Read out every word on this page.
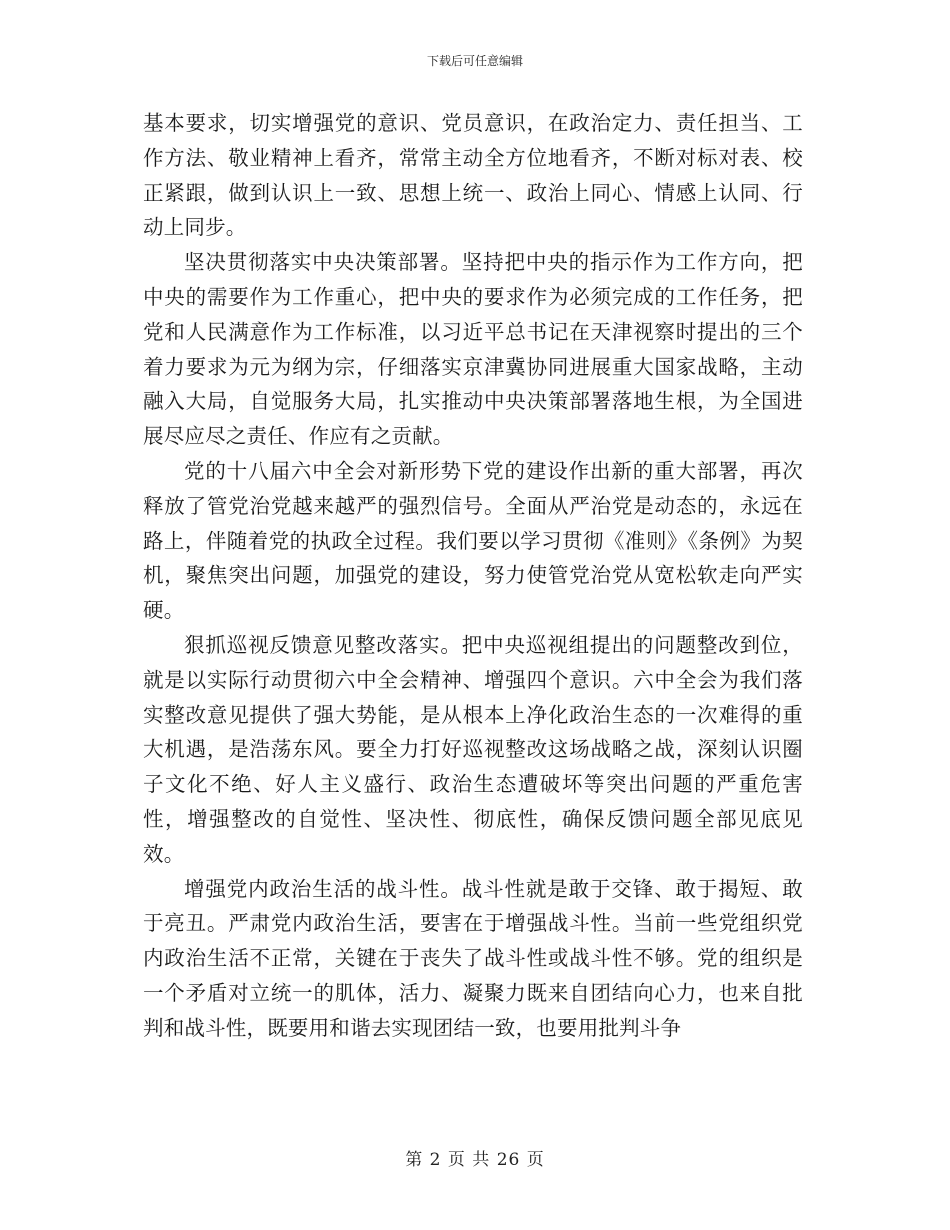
下载后可任意编辑

基本要求，切实增强党的意识、党员意识，在政治定力、责任担当、工作方法、敬业精神上看齐，常常主动全方位地看齐，不断对标对表、校正紧跟，做到认识上一致、思想上统一、政治上同心、情感上认同、行动上同步。

坚决贯彻落实中央决策部署。坚持把中央的指示作为工作方向，把中央的需要作为工作重心，把中央的要求作为必须完成的工作任务，把党和人民满意作为工作标准，以习近平总书记在天津视察时提出的三个着力要求为元为纲为宗，仔细落实京津冀协同进展重大国家战略，主动融入大局，自觉服务大局，扎实推动中央决策部署落地生根，为全国进展尽应尽之责任、作应有之贡献。

党的十八届六中全会对新形势下党的建设作出新的重大部署，再次释放了管党治党越来越严的强烈信号。全面从严治党是动态的，永远在路上，伴随着党的执政全过程。我们要以学习贯彻《准则》《条例》为契机，聚焦突出问题，加强党的建设，努力使管党治党从宽松软走向严实硬。

狠抓巡视反馈意见整改落实。把中央巡视组提出的问题整改到位，就是以实际行动贯彻六中全会精神、增强四个意识。六中全会为我们落实整改意见提供了强大势能，是从根本上净化政治生态的一次难得的重大机遇，是浩荡东风。要全力打好巡视整改这场战略之战，深刻认识圈子文化不绝、好人主义盛行、政治生态遭破坏等突出问题的严重危害性，增强整改的自觉性、坚决性、彻底性，确保反馈问题全部见底见效。

增强党内政治生活的战斗性。战斗性就是敢于交锋、敢于揭短、敢于亮丑。严肃党内政治生活，要害在于增强战斗性。当前一些党组织党内政治生活不正常，关键在于丧失了战斗性或战斗性不够。党的组织是一个矛盾对立统一的肌体，活力、凝聚力既来自团结向心力，也来自批判和战斗性，既要用和谐去实现团结一致，也要用批判斗争

第 2 页 共 26 页
